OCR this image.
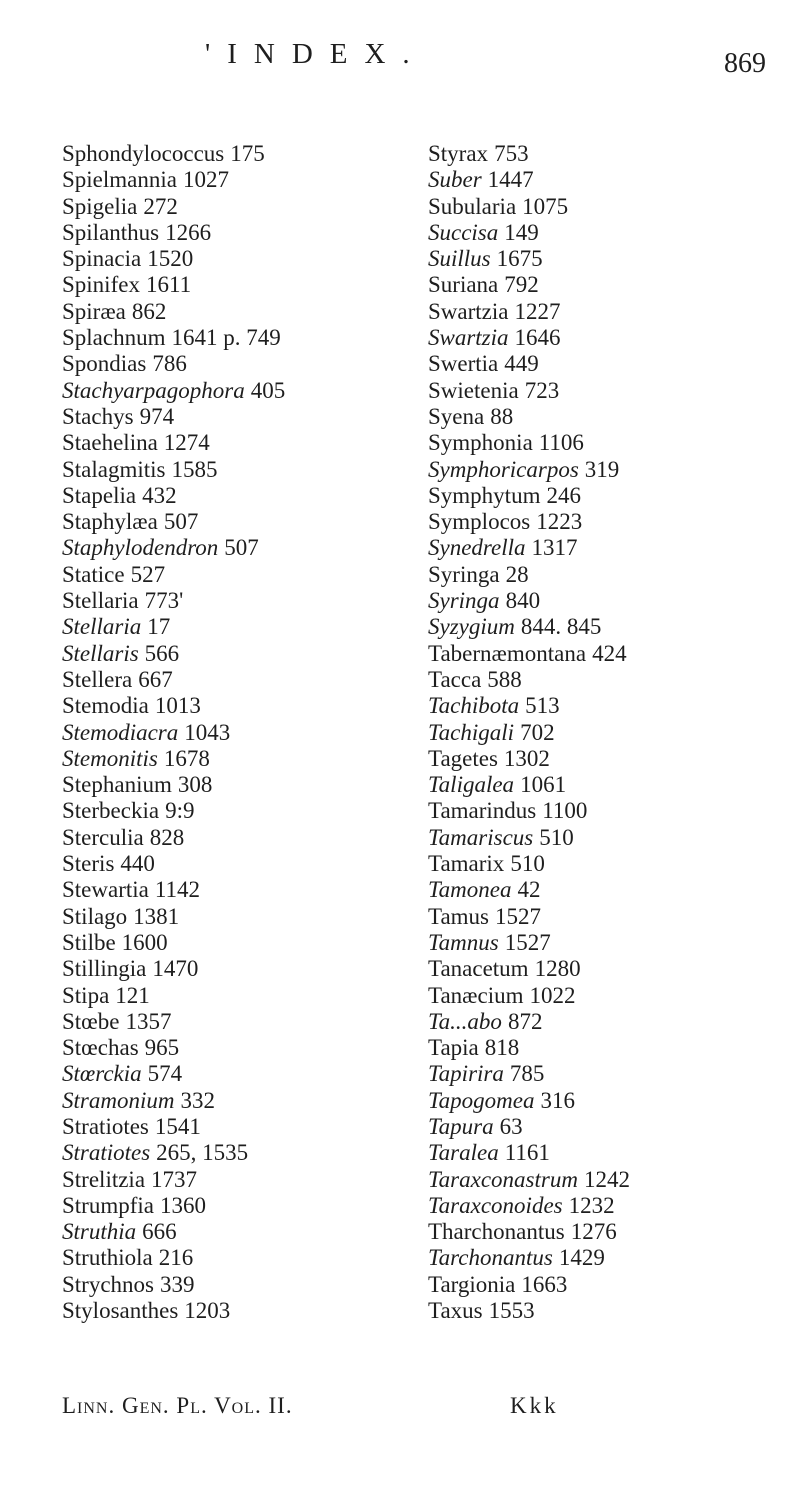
'INDEX.	869
Sphondylococcus 175
Spielmannia 1027
Spigelia 272
Spilanthus 1266
Spinacia 1520
Spinifex 1611
Spiræa 862
Splachnum 1641 p. 749
Spondias 786
Stachyarpagophora 405
Stachys 974
Staehelina 1274
Stalagmitis 1585
Stapelia 432
Staphylæa 507
Staphylodendron 507
Statice 527
Stellaria 773'
Stellaria 17
Stellaris 566
Stellera 667
Stemodia 1013
Stemodiacra 1043
Stemonitis 1678
Stephanium 308
Sterbeckia 9:9
Sterculia 828
Steris 440
Stewartia 1142
Stilago 1381
Stilbe 1600
Stillingia 1470
Stipa 121
Stœbe 1357
Stœchas 965
Stœrckia 574
Stramonium 332
Stratiotes 1541
Stratiotes 265, 1535
Strelitzia 1737
Strumpfia 1360
Struthia 666
Struthiola 216
Strychnos 339
Stylosanthes 1203
Styrax 753
Suber 1447
Subularia 1075
Succisa 149
Suillus 1675
Suriana 792
Swartzia 1227
Swartzia 1646
Swertia 449
Swietenia 723
Syena 88
Symphonia 1106
Symphoricarpos 319
Symphytum 246
Symplocos 1223
Synedrella 1317
Syringa 28
Syringa 840
Syzygium 844. 845
Tabernæmontana 424
Tacca 588
Tachibota 513
Tachigali 702
Tagetes 1302
Taligalea 1061
Tamarindus 1100
Tamariscus 510
Tamarix 510
Tamonea 42
Tamus 1527
Tamnus 1527
Tanacetum 1280
Tanæcium 1022
Ta...abo 872
Tapia 818
Tapirira 785
Tapogomea 316
Tapura 63
Taralea 1161
Taraxconastrum 1242
Taraxconoides 1232
Tharchonantus 1276
Tarchonantus 1429
Targionia 1663
Taxus 1553
Linn. Gen. Pl. Vol. II.	Kkk
